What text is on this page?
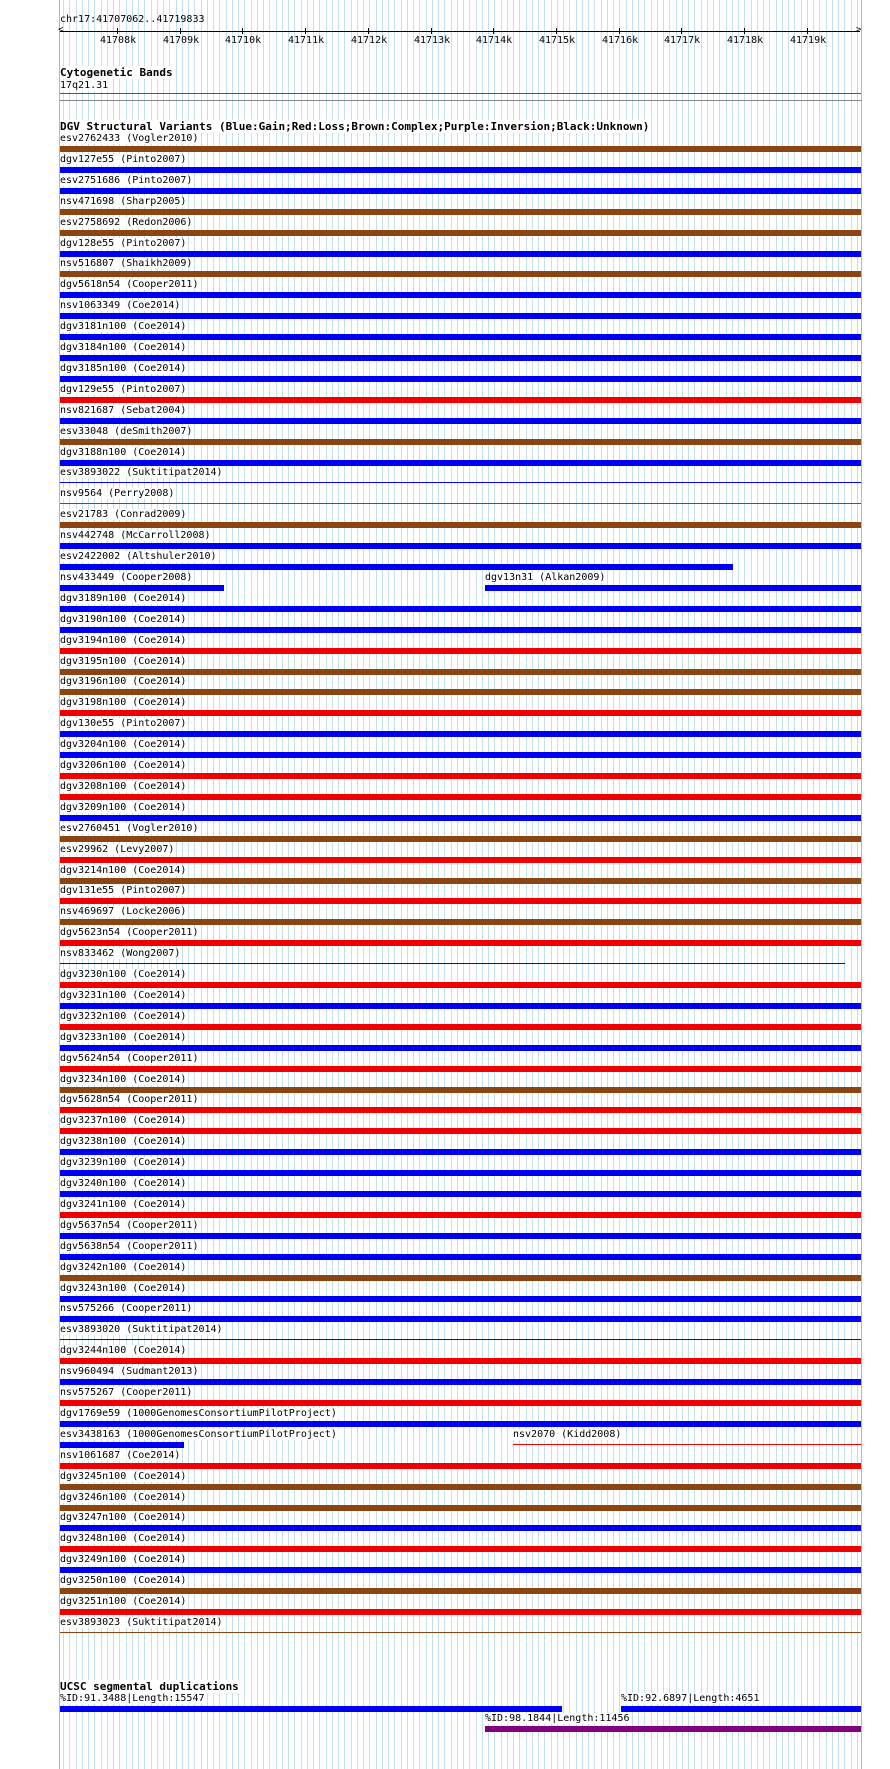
chr17:41707062..41719833
<	>
41708k	41709k	41710k	41711k	41712k	41713k	41714k	41715k	41716k	41717k	41718k	41719k
Cytogenetic Bands
17q21.31
DGV Structural Variants (Blue:Gain;Red:Loss;Brown:Complex;Purple:Inversion;Black:Unknown)
esv2762433 (Vogler2010)
dgv127e55 (Pinto2007)
esv2751686 (Pinto2007)
nsv471698 (Sharp2005)
esv2758692 (Redon2006)
dgv128e55 (Pinto2007)
nsv516807 (Shaikh2009)
dgv5618n54 (Cooper2011)
nsv1063349 (Coe2014)
dgv3181n100 (Coe2014)
dgv3184n100 (Coe2014)
dgv3185n100 (Coe2014)
dgv129e55 (Pinto2007)
nsv821687 (Sebat2004)
esv33048 (deSmith2007)
dgv3188n100 (Coe2014)
esv3893022 (Suktitipat2014)
nsv9564 (Perry2008)
esv21783 (Conrad2009)
nsv442748 (McCarroll2008)
esv2422002 (Altshuler2010)
nsv433449 (Cooper2008)	dgv13n31 (Alkan2009)
dgv3189n100 (Coe2014)
dgv3190n100 (Coe2014)
dgv3194n100 (Coe2014)
dgv3195n100 (Coe2014)
dgv3196n100 (Coe2014)
dgv3198n100 (Coe2014)
dgv130e55 (Pinto2007)
dgv3204n100 (Coe2014)
dgv3206n100 (Coe2014)
dgv3208n100 (Coe2014)
dgv3209n100 (Coe2014)
esv2760451 (Vogler2010)
esv29962 (Levy2007)
dgv3214n100 (Coe2014)
dgv131e55 (Pinto2007)
nsv469697 (Locke2006)
dgv5623n54 (Cooper2011)
nsv833462 (Wong2007)
dgv3230n100 (Coe2014)
dgv3231n100 (Coe2014)
dgv3232n100 (Coe2014)
dgv3233n100 (Coe2014)
dgv5624n54 (Cooper2011)
dgv3234n100 (Coe2014)
dgv5628n54 (Cooper2011)
dgv3237n100 (Coe2014)
dgv3238n100 (Coe2014)
dgv3239n100 (Coe2014)
dgv3240n100 (Coe2014)
dgv3241n100 (Coe2014)
dgv5637n54 (Cooper2011)
dgv5638n54 (Cooper2011)
dgv3242n100 (Coe2014)
dgv3243n100 (Coe2014)
nsv575266 (Cooper2011)
esv3893020 (Suktitipat2014)
dgv3244n100 (Coe2014)
nsv960494 (Sudmant2013)
nsv575267 (Cooper2011)
dgv1769e59 (1000GenomesConsortiumPilotProject)
esv3438163 (1000GenomesConsortiumPilotProject)	nsv2070 (Kidd2008)
nsv1061687 (Coe2014)
dgv3245n100 (Coe2014)
dgv3246n100 (Coe2014)
dgv3247n100 (Coe2014)
dgv3248n100 (Coe2014)
dgv3249n100 (Coe2014)
dgv3250n100 (Coe2014)
dgv3251n100 (Coe2014)
esv3893023 (Suktitipat2014)
UCSC segmental duplications
%ID:91.3488|Length:15547	%ID:92.6897|Length:4651
%ID:98.1844|Length:11456
